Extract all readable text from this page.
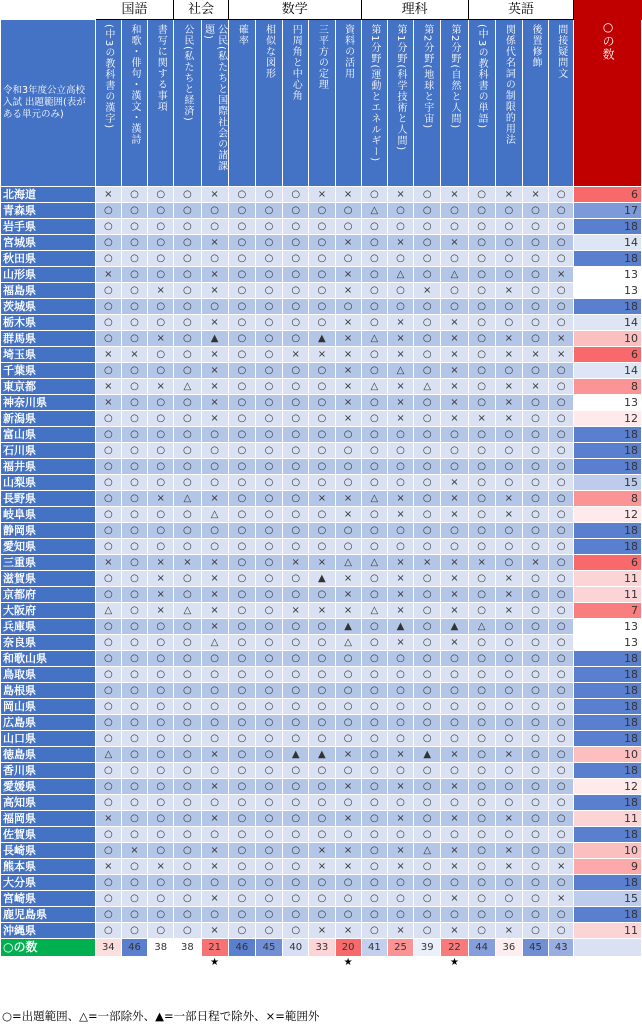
	国語			社会		数学					理科				英語				
令和3年度公立高校入試 出題範囲(表がある単元のみ)	(中3の教科書の漢字)	和歌・俳句・漢文・漢詩	書写に関する事項	公民(私たちと経済)	公民(私たちと国際社会の諸課題)	確率	相似な図形	円周角と中心角	三平方の定理	資料の活用	第1分野(運動とエネルギー)	第1分野(科学技術と人間)	第2分野(地球と宇宙)	第2分野(自然と人間)	(中3の教科書の単語)	関係代名詞の制限的用法	後置修飾	間接疑問文	○の数

北海道	×	○	○	○	×	○	○	○	×	×	○	×	○	×	○	×	×	○	6
青森県	○	○	○	○	○	○	○	○	○	○	△	○	○	○	○	○	○	○	17
岩手県	○	○	○	○	○	○	○	○	○	○	○	○	○	○	○	○	○	○	18
宮城県	○	○	○	○	×	○	○	○	○	×	○	×	○	×	○	○	○	○	14
秋田県	○	○	○	○	○	○	○	○	○	○	○	○	○	○	○	○	○	○	18
山形県	×	○	○	○	×	○	○	○	○	×	○	△	○	△	○	○	○	×	13
福島県	○	○	×	○	×	○	○	○	○	×	○	○	×	○	○	×	○	○	13
茨城県	○	○	○	○	○	○	○	○	○	○	○	○	○	○	○	○	○	○	18
栃木県	○	○	○	○	×	○	○	○	○	×	○	×	○	×	○	○	○	○	14
群馬県	○	○	×	○	▲	○	○	○	▲	×	△	×	○	×	○	×	○	×	10
埼玉県	×	×	○	○	×	○	○	×	×	×	○	×	○	×	○	×	×	×	6
千葉県	○	○	○	○	×	○	○	○	○	×	○	△	○	×	○	○	○	○	14
東京都	×	○	×	△	×	○	○	○	○	×	△	×	△	×	○	×	×	○	8
神奈川県	×	○	○	○	×	○	○	○	○	×	○	×	○	×	○	×	○	○	13
新潟県	○	○	○	○	×	○	○	○	○	×	○	×	○	×	×	×	○	○	12
富山県	○	○	○	○	○	○	○	○	○	○	○	○	○	○	○	○	○	○	18
石川県	○	○	○	○	○	○	○	○	○	○	○	○	○	○	○	○	○	○	18
福井県	○	○	○	○	○	○	○	○	○	○	○	○	○	○	○	○	○	○	18
山梨県	○	○	○	○	○	○	○	○	○	○	○	○	○	×	○	○	○	○	15
長野県	○	○	×	△	×	○	○	○	×	×	△	×	○	×	○	×	○	○	8
岐阜県	○	○	○	○	△	○	○	○	○	×	○	×	○	×	○	×	○	○	12
静岡県	○	○	○	○	○	○	○	○	○	○	○	○	○	○	○	○	○	○	18
愛知県	○	○	○	○	○	○	○	○	○	○	○	○	○	○	○	○	○	○	18
三重県	×	○	×	×	×	○	○	×	×	△	△	×	×	×	×	○	×	○	6
滋賀県	○	○	×	○	×	○	○	○	▲	×	○	×	○	×	○	×	○	○	11
京都府	○	○	×	○	×	○	○	○	○	×	○	×	○	×	○	×	○	○	11
大阪府	△	○	×	△	×	○	○	×	×	×	△	×	○	×	○	×	○	○	7
兵庫県	○	○	○	○	×	○	○	○	○	▲	○	▲	○	▲	△	○	○	○	13
奈良県	○	○	○	○	△	○	○	○	○	△	○	×	○	×	○	○	○	○	13
和歌山県	○	○	○	○	○	○	○	○	○	○	○	○	○	○	○	○	○	○	18
鳥取県	○	○	○	○	○	○	○	○	○	○	○	○	○	○	○	○	○	○	18
島根県	○	○	○	○	○	○	○	○	○	○	○	○	○	○	○	○	○	○	18
岡山県	○	○	○	○	○	○	○	○	○	○	○	○	○	○	○	○	○	○	18
広島県	○	○	○	○	○	○	○	○	○	○	○	○	○	○	○	○	○	○	18
山口県	○	○	○	○	○	○	○	○	○	○	○	○	○	○	○	○	○	○	18
徳島県	△	○	○	○	×	○	○	▲	▲	×	○	×	▲	×	○	×	○	○	10
香川県	○	○	○	○	○	○	○	○	○	○	○	○	○	○	○	○	○	○	18
愛媛県	○	○	○	○	×	○	○	○	○	×	○	×	○	×	○	○	○	○	12
高知県	○	○	○	○	○	○	○	○	○	○	○	○	○	○	○	○	○	○	18
福岡県	×	○	○	○	×	○	○	○	○	×	○	×	○	×	○	×	○	○	11
佐賀県	○	○	○	○	○	○	○	○	○	○	○	○	○	○	○	○	○	○	18
長崎県	○	×	○	○	×	○	○	○	×	×	○	×	△	×	○	×	○	○	10
熊本県	×	○	×	○	×	○	○	○	×	×	○	×	○	×	○	×	○	×	9
大分県	○	○	○	○	○	○	○	○	○	○	○	○	○	○	○	○	○	○	18
宮崎県	○	○	○	○	×	○	○	○	○	○	○	○	○	×	○	○	○	×	15
鹿児島県	○	○	○	○	○	○	○	○	○	○	○	○	○	○	○	○	○	○	18
沖縄県	○	○	○	○	×	○	○	○	×	×	○	×	○	×	○	×	○	○	11
○の数	34	46	38	38	21	46	45	40	33	20	41	25	39	22	44	36	45	43	
					★					★				★					
○=出題範囲、△=一部除外、▲=一部日程で除外、×=範囲外
